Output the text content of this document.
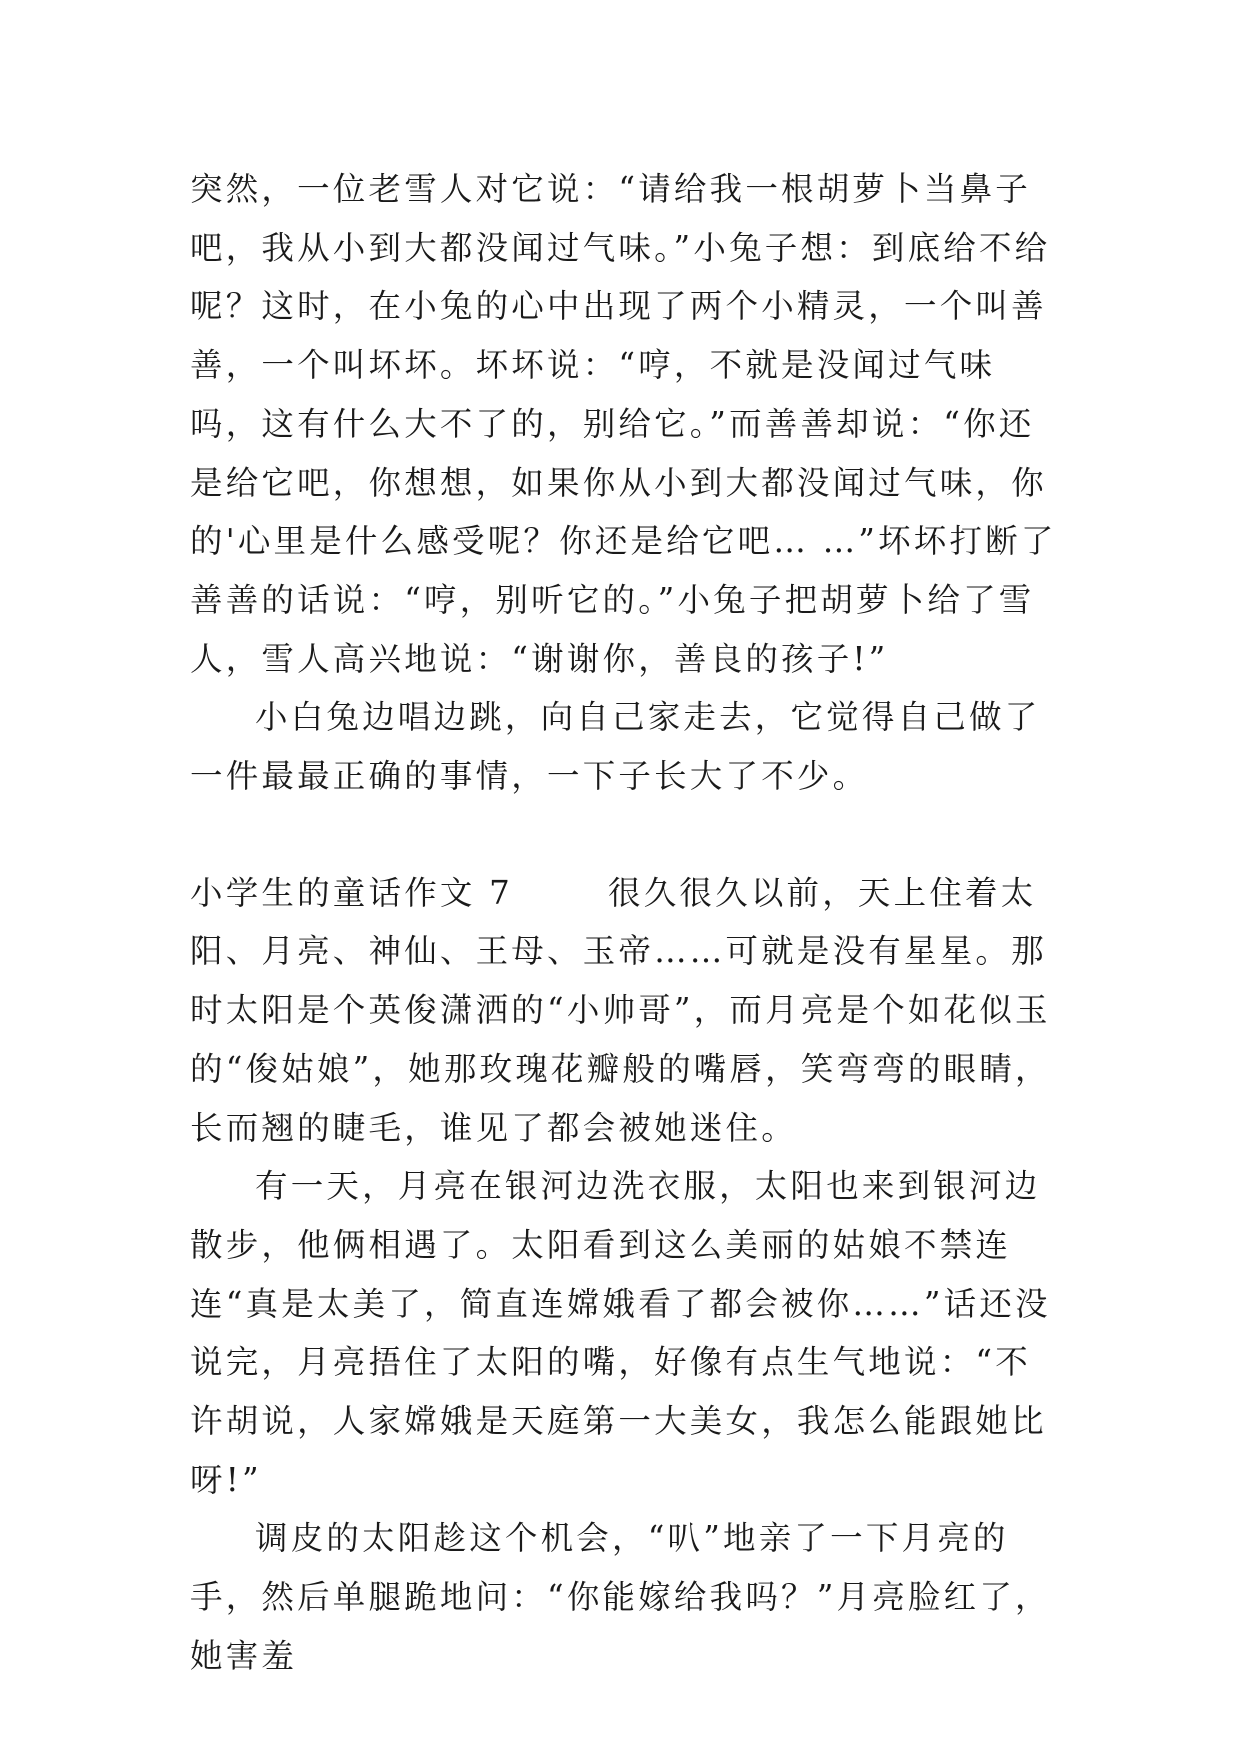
突然，一位老雪人对它说：“请给我一根胡萝卜当鼻子吧，我从小到大都没闻过气味。”小兔子想：到底给不给呢？这时，在小兔的心中出现了两个小精灵，一个叫善善，一个叫坏坏。坏坏说：“哼，不就是没闻过气味吗，这有什么大不了的，别给它。”而善善却说：“你还是给它吧，你想想，如果你从小到大都没闻过气味，你的'心里是什么感受呢？你还是给它吧… …”坏坏打断了善善的话说：“哼，别听它的。”小兔子把胡萝卜给了雪人，雪人高兴地说：“谢谢你，善良的孩子!”

小白兔边唱边跳，向自己家走去，它觉得自己做了一件最最正确的事情，一下子长大了不少。

小学生的童话作文 7	很久很久以前，天上住着太阳、月亮、神仙、王母、玉帝……可就是没有星星。那时太阳是个英俊潇洒的“小帅哥”，而月亮是个如花似玉的“俊姑娘”，她那玫瑰花瓣般的嘴唇，笑弯弯的眼睛，长而翘的睫毛，谁见了都会被她迷住。

有一天，月亮在银河边洗衣服，太阳也来到银河边散步，他俩相遇了。太阳看到这么美丽的姑娘不禁连连“真是太美了，简直连嫦娥看了都会被你……”话还没说完，月亮捂住了太阳的嘴，好像有点生气地说：“不许胡说，人家嫦娥是天庭第一大美女，我怎么能跟她比呀!”

调皮的太阳趁这个机会，“叭”地亲了一下月亮的手，然后单腿跪地问：“你能嫁给我吗？”月亮脸红了，她害羞
